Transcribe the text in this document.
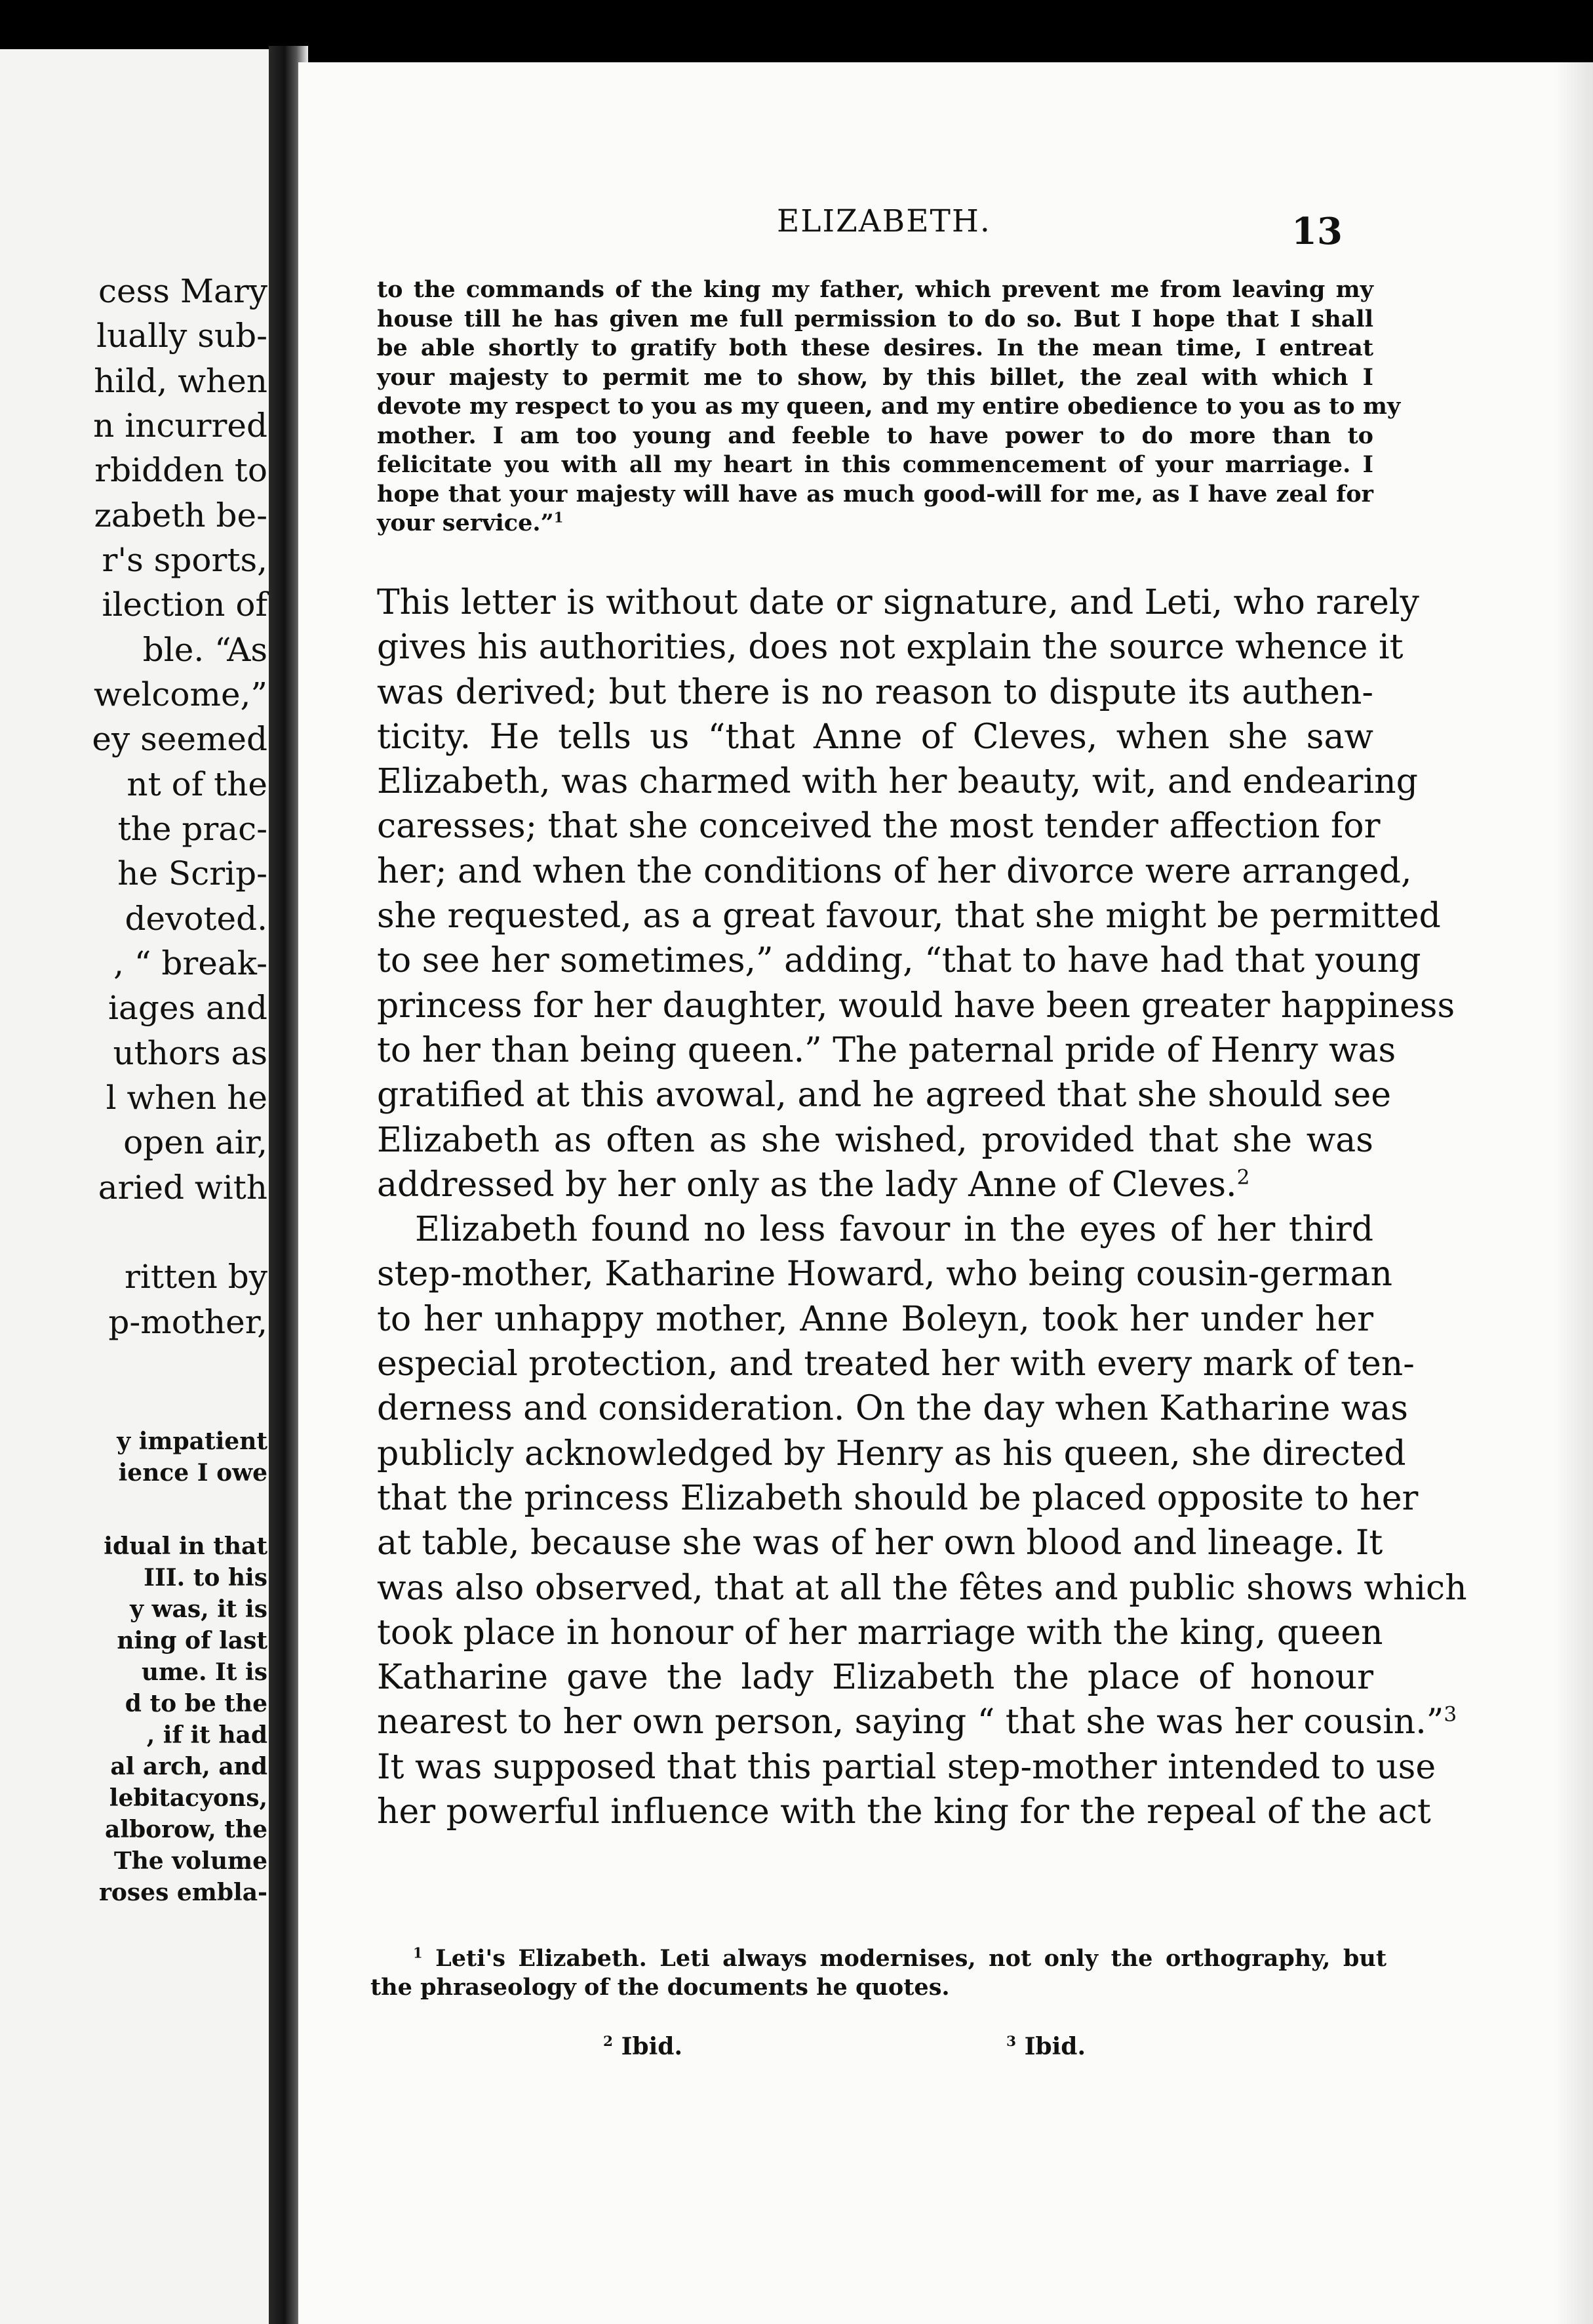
cess Mary
lually sub-
hild, when
n incurred
rbidden to
zabeth be-
r's sports,
ilection of
ble. “As
welcome,”
ey seemed
nt of the
the prac-
he Scrip-
devoted.
, “ break-
iages and
uthors as
l when he
open air,
aried with
ritten by
p-mother,
y impatient
ience I owe
idual in that
III. to his
y was, it is
ning of last
ume. It is
d to be the
, if it had
al arch, and
lebitacyons,
alborow, the
The volume
roses embla-
ELIZABETH.	13
to the commands of the king my father, which prevent me from leaving my
house till he has given me full permission to do so. But I hope that I shall
be able shortly to gratify both these desires. In the mean time, I entreat
your majesty to permit me to show, by this billet, the zeal with which I
devote my respect to you as my queen, and my entire obedience to you as to my
mother. I am too young and feeble to have power to do more than to
felicitate you with all my heart in this commencement of your marriage. I
hope that your majesty will have as much good-will for me, as I have zeal for
your service.”$^1$
This letter is without date or signature, and Leti, who rarely
gives his authorities, does not explain the source whence it
was derived; but there is no reason to dispute its authen-
ticity. He tells us “that Anne of Cleves, when she saw
Elizabeth, was charmed with her beauty, wit, and endearing
caresses; that she conceived the most tender affection for
her; and when the conditions of her divorce were arranged,
she requested, as a great favour, that she might be permitted
to see her sometimes,” adding, “that to have had that young
princess for her daughter, would have been greater happiness
to her than being queen.” The paternal pride of Henry was
gratified at this avowal, and he agreed that she should see
Elizabeth as often as she wished, provided that she was
addressed by her only as the lady Anne of Cleves.$^2$
Elizabeth found no less favour in the eyes of her third
step-mother, Katharine Howard, who being cousin-german
to her unhappy mother, Anne Boleyn, took her under her
especial protection, and treated her with every mark of ten-
derness and consideration. On the day when Katharine was
publicly acknowledged by Henry as his queen, she directed
that the princess Elizabeth should be placed opposite to her
at table, because she was of her own blood and lineage. It
was also observed, that at all the fêtes and public shows which
took place in honour of her marriage with the king, queen
Katharine gave the lady Elizabeth the place of honour
nearest to her own person, saying “ that she was her cousin.”$^3$
It was supposed that this partial step-mother intended to use
her powerful influence with the king for the repeal of the act
$^1$ Leti's Elizabeth. Leti always modernises, not only the orthography, but
the phraseology of the documents he quotes.
$^2$ Ibid.	$^3$ Ibid.
